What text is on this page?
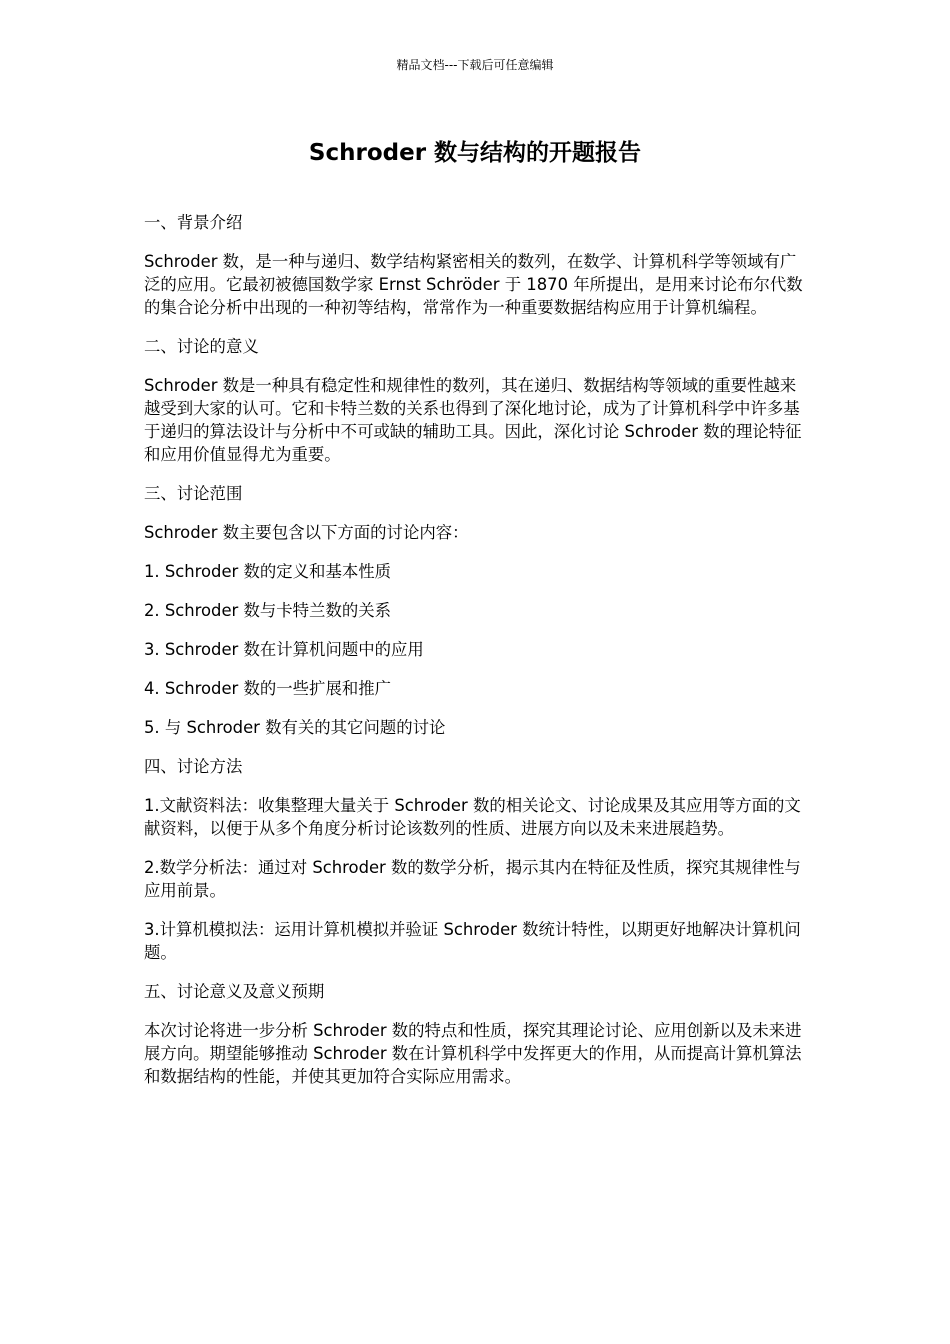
精品文档---下载后可任意编辑
Schroder 数与结构的开题报告

一、背景介绍

Schroder 数，是一种与递归、数学结构紧密相关的数列，在数学、计算机科学等领域有广泛的应用。它最初被德国数学家 Ernst Schröder 于 1870 年所提出，是用来讨论布尔代数的集合论分析中出现的一种初等结构，常常作为一种重要数据结构应用于计算机编程。

二、讨论的意义

Schroder 数是一种具有稳定性和规律性的数列，其在递归、数据结构等领域的重要性越来越受到大家的认可。它和卡特兰数的关系也得到了深化地讨论，成为了计算机科学中许多基于递归的算法设计与分析中不可或缺的辅助工具。因此，深化讨论 Schroder 数的理论特征和应用价值显得尤为重要。

三、讨论范围

Schroder 数主要包含以下方面的讨论内容：

1. Schroder 数的定义和基本性质

2. Schroder 数与卡特兰数的关系

3. Schroder 数在计算机问题中的应用

4. Schroder 数的一些扩展和推广

5. 与 Schroder 数有关的其它问题的讨论

四、讨论方法

1.文献资料法：收集整理大量关于 Schroder 数的相关论文、讨论成果及其应用等方面的文献资料，以便于从多个角度分析讨论该数列的性质、进展方向以及未来进展趋势。

2.数学分析法：通过对 Schroder 数的数学分析，揭示其内在特征及性质，探究其规律性与应用前景。

3.计算机模拟法：运用计算机模拟并验证 Schroder 数统计特性，以期更好地解决计算机问题。

五、讨论意义及意义预期

本次讨论将进一步分析 Schroder 数的特点和性质，探究其理论讨论、应用创新以及未来进展方向。期望能够推动 Schroder 数在计算机科学中发挥更大的作用，从而提高计算机算法和数据结构的性能，并使其更加符合实际应用需求。
